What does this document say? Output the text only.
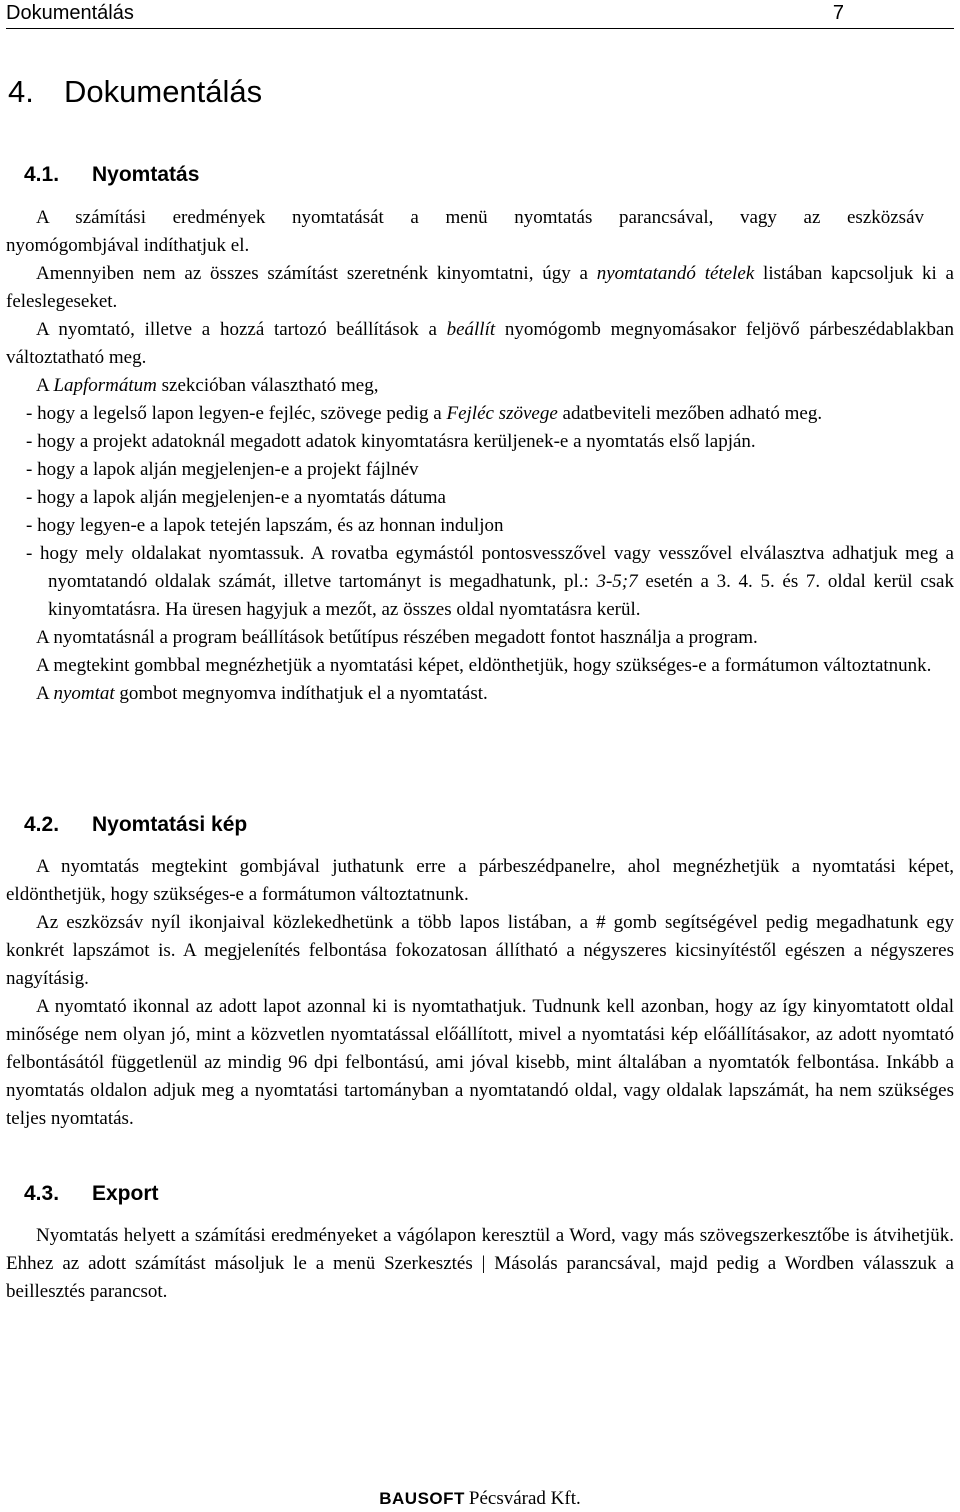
Dokumentálás	7
4. Dokumentálás
4.1. Nyomtatás

A számítási eredmények nyomtatását a menü nyomtatás parancsával, vagy az eszközsáv

nyomógombjával indíthatjuk el.

Amennyiben nem az összes számítást szeretnénk kinyomtatni, úgy a nyomtatandó tételek listában kapcsoljuk ki a feleslegeseket.

A nyomtató, illetve a hozzá tartozó beállítások a beállít nyomógomb megnyomásakor feljövő párbeszédablakban változtatható meg.

A Lapformátum szekcióban választható meg,

- hogy a legelső lapon legyen-e fejléc, szövege pedig a Fejléc szövege adatbeviteli mezőben adható meg.

- hogy a projekt adatoknál megadott adatok kinyomtatásra kerüljenek-e a nyomtatás első lapján.

- hogy a lapok alján megjelenjen-e a projekt fájlnév

- hogy a lapok alján megjelenjen-e a nyomtatás dátuma

- hogy legyen-e a lapok tetején lapszám, és az honnan induljon

- hogy mely oldalakat nyomtassuk. A rovatba egymástól pontosvesszővel vagy vesszővel elválasztva adhatjuk meg a nyomtatandó oldalak számát, illetve tartományt is megadhatunk, pl.: 3-5;7 esetén a 3. 4. 5. és 7. oldal kerül csak kinyomtatásra. Ha üresen hagyjuk a mezőt, az összes oldal nyomtatásra kerül.

A nyomtatásnál a program beállítások betűtípus részében megadott fontot használja a program.

A megtekint gombbal megnézhetjük a nyomtatási képet, eldönthetjük, hogy szükséges-e a formátumon változtatnunk.

A nyomtat gombot megnyomva indíthatjuk el a nyomtatást.

4.2. Nyomtatási kép

A nyomtatás megtekint gombjával juthatunk erre a párbeszédpanelre, ahol megnézhetjük a nyomtatási képet, eldönthetjük, hogy szükséges-e a formátumon változtatnunk.

Az eszközsáv nyíl ikonjaival közlekedhetünk a több lapos listában, a # gomb segítségével pedig megadhatunk egy konkrét lapszámot is. A megjelenítés felbontása fokozatosan állítható a négyszeres kicsinyítéstől egészen a négyszeres nagyításig.

A nyomtató ikonnal az adott lapot azonnal ki is nyomtathatjuk. Tudnunk kell azonban, hogy az így kinyomtatott oldal minősége nem olyan jó, mint a közvetlen nyomtatással előállított, mivel a nyomtatási kép előállításakor, az adott nyomtató felbontásától függetlenül az mindig 96 dpi felbontású, ami jóval kisebb, mint általában a nyomtatók felbontása. Inkább a nyomtatás oldalon adjuk meg a nyomtatási tartományban a nyomtatandó oldal, vagy oldalak lapszámát, ha nem szükséges teljes nyomtatás.

4.3. Export

Nyomtatás helyett a számítási eredményeket a vágólapon keresztül a Word, vagy más szövegszerkesztőbe is átvihetjük. Ehhez az adott számítást másoljuk le a menü Szerkesztés | Másolás parancsával, majd pedig a Wordben válasszuk a beillesztés parancsot.

BAUSOFT Pécsvárad Kft.
